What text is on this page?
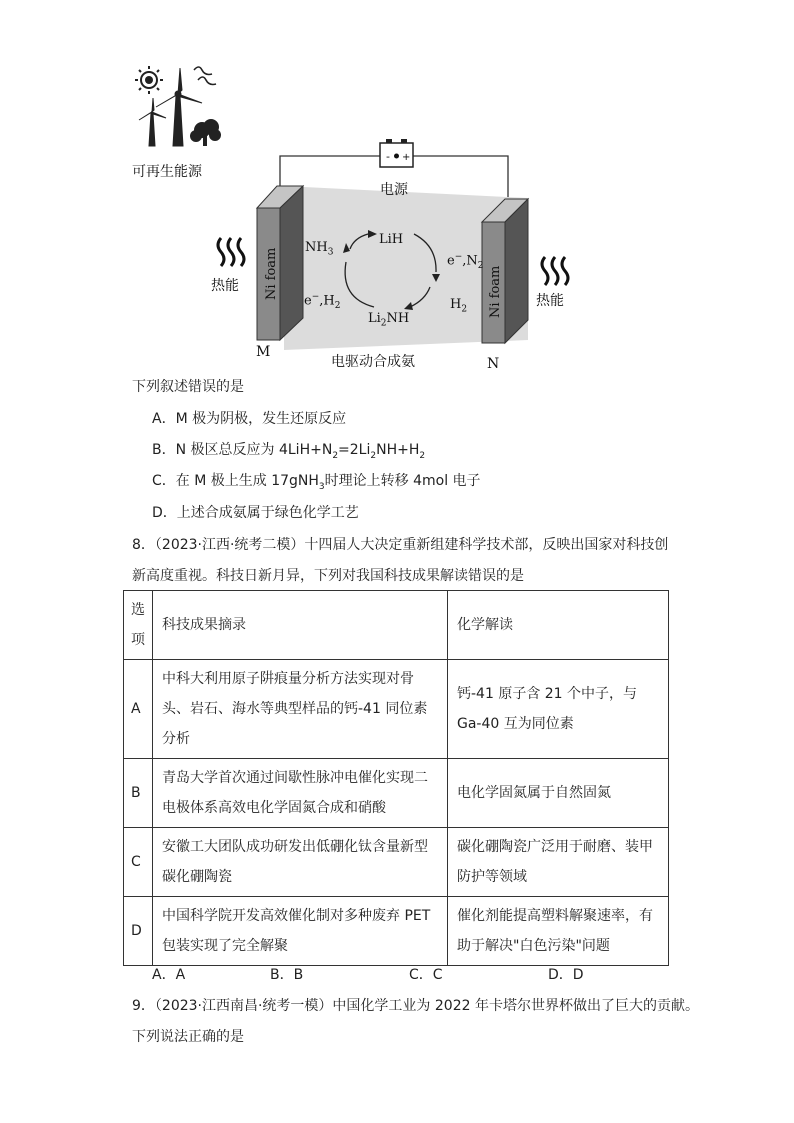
- +
可再生能源
电源
Ni foam	Ni foam
M
N
热能
热能
电驱动合成氨
LiH
$Li_2NH$
$NH_3$
$e^-,H_2$
$e^-,N_2$
$H_2$
下列叙述错误的是
A．M 极为阴极，发生还原反应
B．N 极区总反应为 $4LiH+N_2=2Li_2NH+H_2$
C．在 M 极上生成 17gNH$_3$时理论上转移 4mol 电子
D．上述合成氨属于绿色化学工艺
8．（2023·江西·统考二模）十四届人大决定重新组建科学技术部，反映出国家对科技创
新高度重视。科技日新月异，下列对我国科技成果解读错误的是
选项	科技成果摘录	化学解读
A	中科大利用原子阱痕量分析方法实现对骨头、岩石、海水等典型样品的钙-41 同位素分析	钙-41 原子含 21 个中子，与 Ga-40 互为同位素
B	青岛大学首次通过间歇性脉冲电催化实现二电极体系高效电化学固氮合成和硝酸	电化学固氮属于自然固氮
C	安徽工大团队成功研发出低硼化钛含量新型碳化硼陶瓷	碳化硼陶瓷广泛用于耐磨、装甲防护等领域
D	中国科学院开发高效催化制对多种废弃 PET 包装实现了完全解聚	催化剂能提高塑料解聚速率，有助于解决"白色污染"问题
A．A	B．B	C．C	D．D
9．（2023·江西南昌·统考一模）中国化学工业为 2022 年卡塔尔世界杯做出了巨大的贡献。
下列说法正确的是
